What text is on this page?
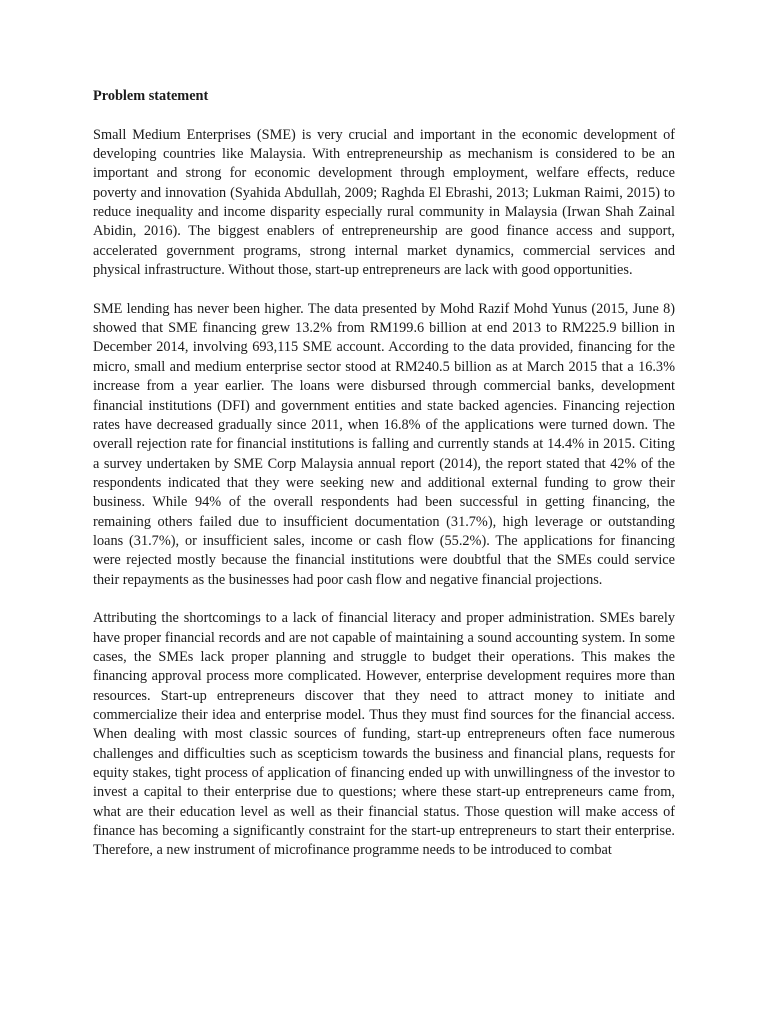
Problem statement

Small Medium Enterprises (SME) is very crucial and important in the economic development of developing countries like Malaysia. With entrepreneurship as mechanism is considered to be an important and strong for economic development through employment, welfare effects, reduce poverty and innovation (Syahida Abdullah, 2009; Raghda El Ebrashi, 2013; Lukman Raimi, 2015) to reduce inequality and income disparity especially rural community in Malaysia (Irwan Shah Zainal Abidin, 2016). The biggest enablers of entrepreneurship are good finance access and support, accelerated government programs, strong internal market dynamics, commercial services and physical infrastructure. Without those, start-up entrepreneurs are lack with good opportunities.

SME lending has never been higher. The data presented by Mohd Razif Mohd Yunus (2015, June 8) showed that SME financing grew 13.2% from RM199.6 billion at end 2013 to RM225.9 billion in December 2014, involving 693,115 SME account. According to the data provided, financing for the micro, small and medium enterprise sector stood at RM240.5 billion as at March 2015 that a 16.3% increase from a year earlier. The loans were disbursed through commercial banks, development financial institutions (DFI) and government entities and state backed agencies. Financing rejection rates have decreased gradually since 2011, when 16.8% of the applications were turned down. The overall rejection rate for financial institutions is falling and currently stands at 14.4% in 2015. Citing a survey undertaken by SME Corp Malaysia annual report (2014), the report stated that 42% of the respondents indicated that they were seeking new and additional external funding to grow their business. While 94% of the overall respondents had been successful in getting financing, the remaining others failed due to insufficient documentation (31.7%), high leverage or outstanding loans (31.7%), or insufficient sales, income or cash flow (55.2%). The applications for financing were rejected mostly because the financial institutions were doubtful that the SMEs could service their repayments as the businesses had poor cash flow and negative financial projections.

Attributing the shortcomings to a lack of financial literacy and proper administration. SMEs barely have proper financial records and are not capable of maintaining a sound accounting system. In some cases, the SMEs lack proper planning and struggle to budget their operations. This makes the financing approval process more complicated. However, enterprise development requires more than resources. Start-up entrepreneurs discover that they need to attract money to initiate and commercialize their idea and enterprise model. Thus they must find sources for the financial access. When dealing with most classic sources of funding, start-up entrepreneurs often face numerous challenges and difficulties such as scepticism towards the business and financial plans, requests for equity stakes, tight process of application of financing ended up with unwillingness of the investor to invest a capital to their enterprise due to questions; where these start-up entrepreneurs came from, what are their education level as well as their financial status. Those question will make access of finance has becoming a significantly constraint for the start-up entrepreneurs to start their enterprise. Therefore, a new instrument of microfinance programme needs to be introduced to combat
